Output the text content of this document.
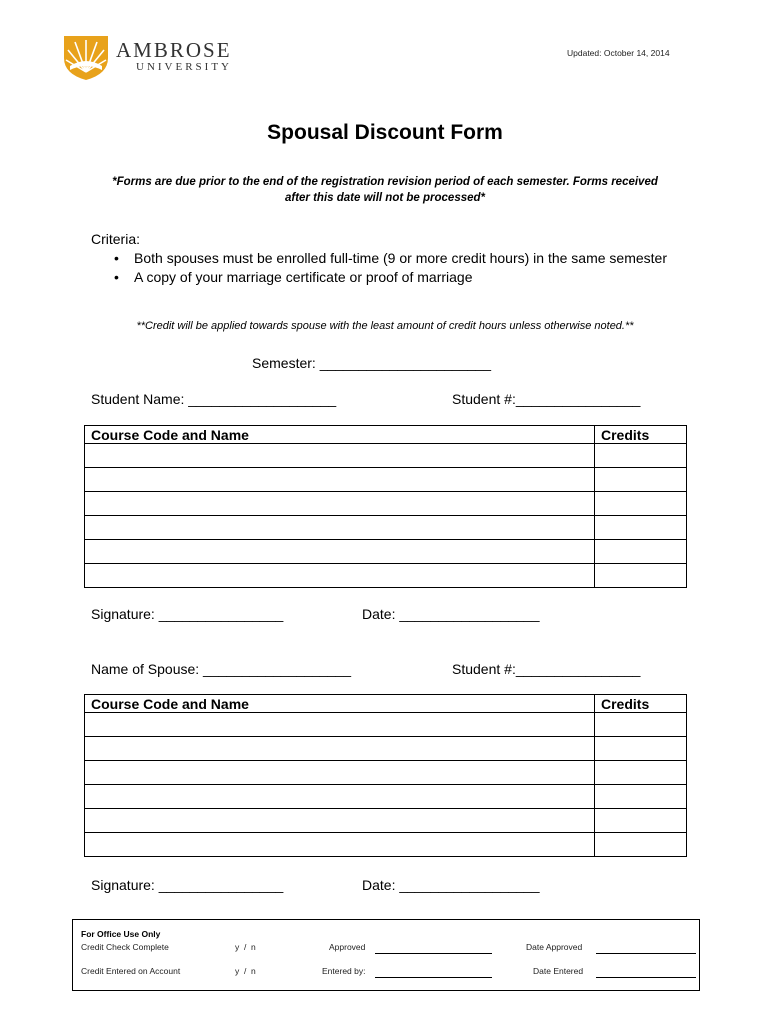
AMBROSE
UNIVERSITY
Updated: October 14, 2014
Spousal Discount Form
*Forms are due prior to the end of the registration revision period of each semester. Forms received after this date will not be processed*
Criteria:
• Both spouses must be enrolled full-time (9 or more credit hours) in the same semester
• A copy of your marriage certificate or proof of marriage
**Credit will be applied towards spouse with the least amount of credit hours unless otherwise noted.**
Semester: ______________________
Student Name: ___________________	Student #:________________
Course Code and Name	Credits

Signature: ________________	Date: __________________
Name of Spouse: ___________________	Student #:________________
Course Code and Name	Credits

Signature: ________________	Date: __________________
For Office Use Only
Credit Check Complete	y  /  n	Approved	Date Approved
Credit Entered on Account	y  /  n	Entered by:	Date Entered
